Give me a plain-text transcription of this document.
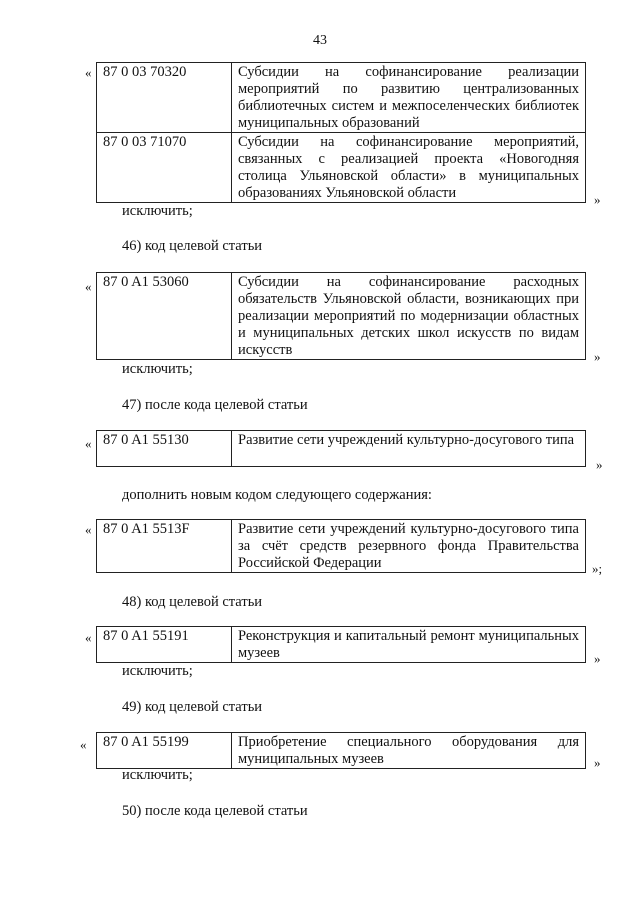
43
« 87 0 03 70320	Субсидии на софинансирование реализации мероприятий по развитию централизованных библиотечных систем и межпоселенческих библиотек муниципальных образований
87 0 03 71070	Субсидии на софинансирование мероприятий, связанных с реализацией проекта «Новогодняя столица Ульяновской области» в муниципальных образованиях Ульяновской области	»
исключить;
46) код целевой статьи
« 87 0 A1 53060	Субсидии на софинансирование расходных обязательств Ульяновской области, возникающих при реализации мероприятий по модернизации областных и муниципальных детских школ искусств по видам искусств	»
исключить;
47) после кода целевой статьи
« 87 0 A1 55130	Развитие сети учреждений культурно-досугового типа
»
дополнить новым кодом следующего содержания:
« 87 0 A1 5513F	Развитие сети учреждений культурно-досугового типа за счёт средств резервного фонда Правительства Российской Федерации	»;
48) код целевой статьи
« 87 0 A1 55191	Реконструкция и капитальный ремонт муниципальных музеев	»
исключить;
49) код целевой статьи
« 87 0 A1 55199	Приобретение специального оборудования для муниципальных музеев	»
исключить;
50) после кода целевой статьи
